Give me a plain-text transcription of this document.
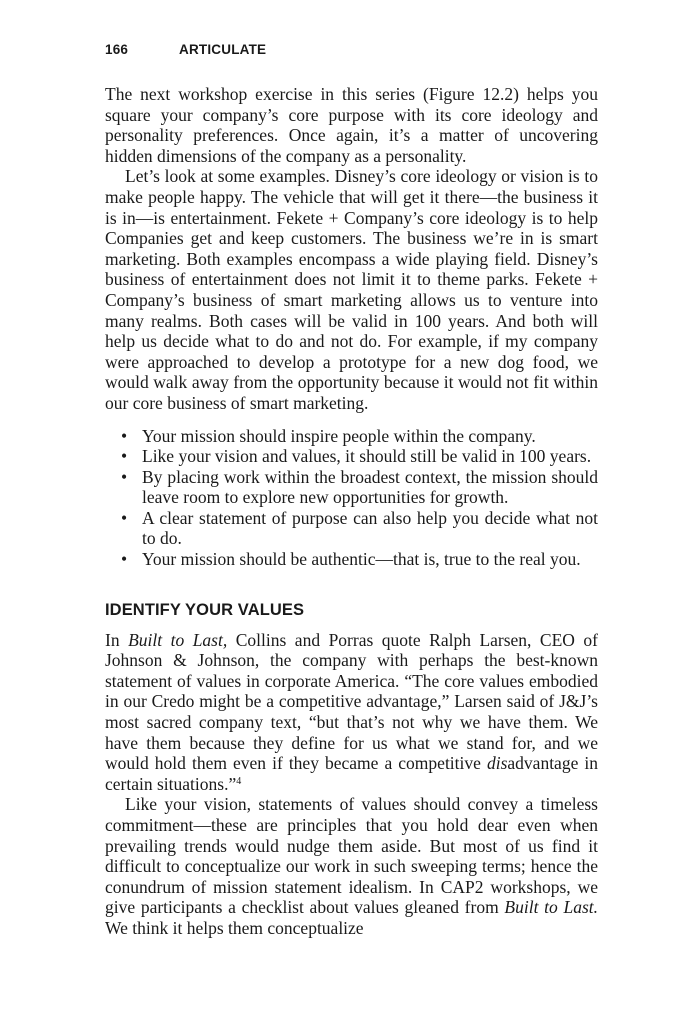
166	ARTICULATE

The next workshop exercise in this series (Figure 12.2) helps you square your company’s core purpose with its core ideology and personality preferences. Once again, it’s a matter of uncovering hidden dimensions of the company as a personality.

Let’s look at some examples. Disney’s core ideology or vision is to make people happy. The vehicle that will get it there—the business it is in—is entertainment. Fekete + Company’s core ideology is to help Companies get and keep customers. The business we’re in is smart marketing. Both examples encompass a wide playing field. Disney’s business of entertainment does not limit it to theme parks. Fekete + Company’s business of smart marketing allows us to venture into many realms. Both cases will be valid in 100 years. And both will help us decide what to do and not do. For example, if my company were approached to develop a prototype for a new dog food, we would walk away from the opportunity because it would not fit within our core business of smart marketing.

• Your mission should inspire people within the company.
• Like your vision and values, it should still be valid in 100 years.
• By placing work within the broadest context, the mission should leave room to explore new opportunities for growth.
• A clear statement of purpose can also help you decide what not to do.
• Your mission should be authentic—that is, true to the real you.
IDENTIFY YOUR VALUES

In Built to Last, Collins and Porras quote Ralph Larsen, CEO of Johnson & Johnson, the company with perhaps the best-known statement of values in corporate America. “The core values embodied in our Credo might be a competitive advantage,” Larsen said of J&J’s most sacred company text, “but that’s not why we have them. We have them because they define for us what we stand for, and we would hold them even if they became a competitive disadvantage in certain situations.”$^4$

Like your vision, statements of values should convey a timeless commitment—these are principles that you hold dear even when prevailing trends would nudge them aside. But most of us find it difficult to conceptualize our work in such sweeping terms; hence the conundrum of mission statement idealism. In CAP2 workshops, we give participants a checklist about values gleaned from Built to Last. We think it helps them conceptualize
